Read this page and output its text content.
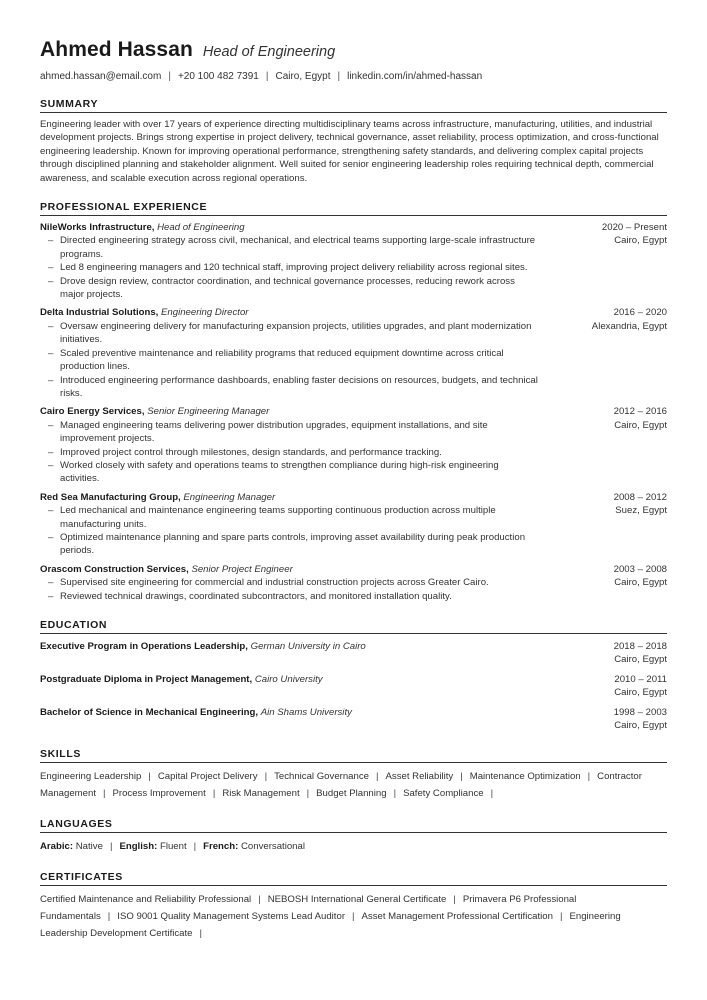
Ahmed Hassan Head of Engineering
ahmed.hassan@email.com | +20 100 482 7391 | Cairo, Egypt | linkedin.com/in/ahmed-hassan
SUMMARY
Engineering leader with over 17 years of experience directing multidisciplinary teams across infrastructure, manufacturing, utilities, and industrial development projects. Brings strong expertise in project delivery, technical governance, asset reliability, process optimization, and cross-functional engineering leadership. Known for improving operational performance, strengthening safety standards, and delivering complex capital projects through disciplined planning and stakeholder alignment. Well suited for senior engineering leadership roles requiring technical depth, commercial awareness, and scalable execution across regional operations.
PROFESSIONAL EXPERIENCE
NileWorks Infrastructure, Head of Engineering
– Directed engineering strategy across civil, mechanical, and electrical teams supporting large-scale infrastructure programs.
– Led 8 engineering managers and 120 technical staff, improving project delivery reliability across regional sites.
– Drove design review, contractor coordination, and technical governance processes, reducing rework across major projects.
2020 – Present
Cairo, Egypt
Delta Industrial Solutions, Engineering Director
– Oversaw engineering delivery for manufacturing expansion projects, utilities upgrades, and plant modernization initiatives.
– Scaled preventive maintenance and reliability programs that reduced equipment downtime across critical production lines.
– Introduced engineering performance dashboards, enabling faster decisions on resources, budgets, and technical risks.
2016 – 2020
Alexandria, Egypt
Cairo Energy Services, Senior Engineering Manager
– Managed engineering teams delivering power distribution upgrades, equipment installations, and site improvement projects.
– Improved project control through milestones, design standards, and performance tracking.
– Worked closely with safety and operations teams to strengthen compliance during high-risk engineering activities.
2012 – 2016
Cairo, Egypt
Red Sea Manufacturing Group, Engineering Manager
– Led mechanical and maintenance engineering teams supporting continuous production across multiple manufacturing units.
– Optimized maintenance planning and spare parts controls, improving asset availability during peak production periods.
2008 – 2012
Suez, Egypt
Orascom Construction Services, Senior Project Engineer
– Supervised site engineering for commercial and industrial construction projects across Greater Cairo.
– Reviewed technical drawings, coordinated subcontractors, and monitored installation quality.
2003 – 2008
Cairo, Egypt
EDUCATION
Executive Program in Operations Leadership, German University in Cairo	2018 – 2018
Cairo, Egypt
Postgraduate Diploma in Project Management, Cairo University	2010 – 2011
Cairo, Egypt
Bachelor of Science in Mechanical Engineering, Ain Shams University	1998 – 2003
Cairo, Egypt
SKILLS
Engineering Leadership | Capital Project Delivery | Technical Governance | Asset Reliability | Maintenance Optimization | Contractor Management | Process Improvement | Risk Management | Budget Planning | Safety Compliance |
LANGUAGES
Arabic: Native | English: Fluent | French: Conversational
CERTIFICATES
Certified Maintenance and Reliability Professional | NEBOSH International General Certificate | Primavera P6 Professional Fundamentals | ISO 9001 Quality Management Systems Lead Auditor | Asset Management Professional Certification | Engineering Leadership Development Certificate |
